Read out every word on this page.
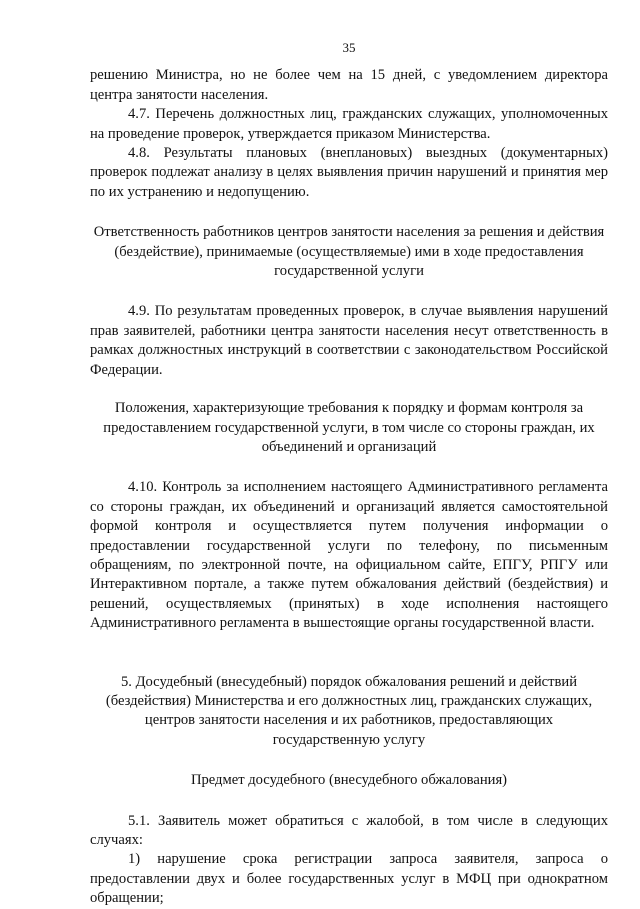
35

решению Министра, но не более чем на 15 дней, с уведомлением директора центра занятости населения.

4.7. Перечень должностных лиц, гражданских служащих, уполномоченных на проведение проверок, утверждается приказом Министерства.

4.8. Результаты плановых (внеплановых) выездных (документарных) проверок подлежат анализу в целях выявления причин нарушений и принятия мер по их устранению и недопущению.

Ответственность работников центров занятости населения за решения и действия (бездействие), принимаемые (осуществляемые) ими в ходе предоставления государственной услуги

4.9. По результатам проведенных проверок, в случае выявления нарушений прав заявителей, работники центра занятости населения несут ответственность в рамках должностных инструкций в соответствии с законодательством Российской Федерации.

Положения, характеризующие требования к порядку и формам контроля за предоставлением государственной услуги, в том числе со стороны граждан, их объединений и организаций

4.10. Контроль за исполнением настоящего Административного регламента со стороны граждан, их объединений и организаций является самостоятельной формой контроля и осуществляется путем получения информации о предоставлении государственной услуги по телефону, по письменным обращениям, по электронной почте, на официальном сайте, ЕПГУ, РПГУ или Интерактивном портале, а также путем обжалования действий (бездействия) и решений, осуществляемых (принятых) в ходе исполнения настоящего Административного регламента в вышестоящие органы государственной власти.

5. Досудебный (внесудебный) порядок обжалования решений и действий (бездействия) Министерства и его должностных лиц, гражданских служащих, центров занятости населения и их работников, предоставляющих государственную услугу

Предмет досудебного (внесудебного обжалования)

5.1. Заявитель может обратиться с жалобой, в том числе в следующих случаях:

1) нарушение срока регистрации запроса заявителя, запроса о предоставлении двух и более государственных услуг в МФЦ при однократном обращении;
